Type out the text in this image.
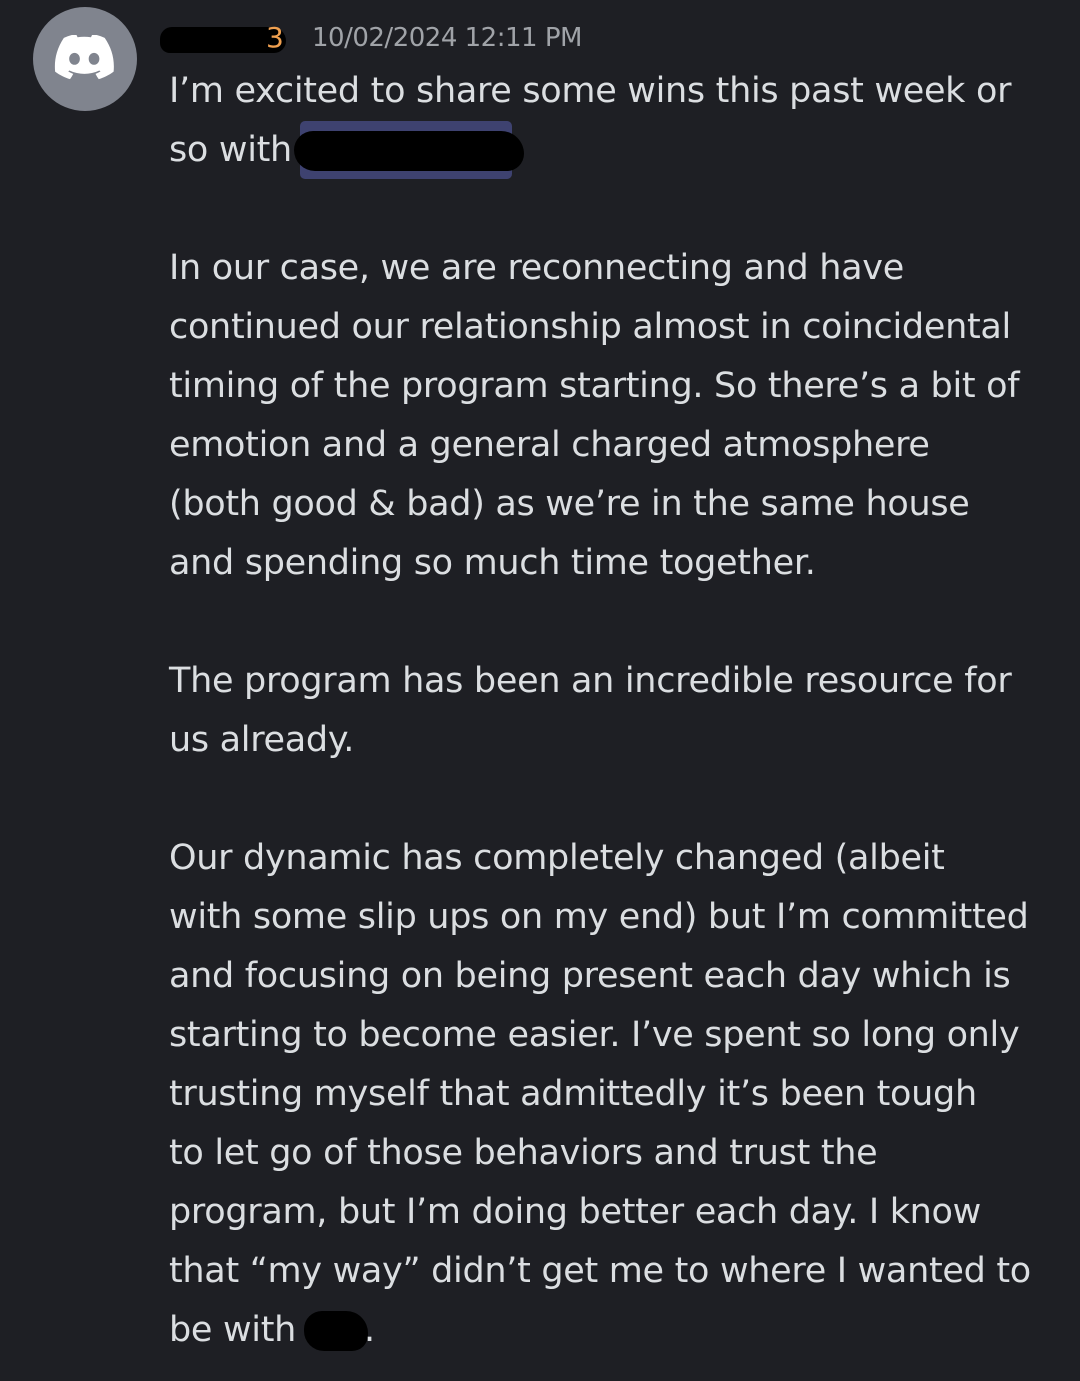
3 10/02/2024 12:11 PM

I’m excited to share some wins this past week or

so with

In our case, we are reconnecting and have

continued our relationship almost in coincidental

timing of the program starting. So there’s a bit of

emotion and a general charged atmosphere

(both good & bad) as we’re in the same house

and spending so much time together.

The program has been an incredible resource for

us already.

Our dynamic has completely changed (albeit

with some slip ups on my end) but I’m committed

and focusing on being present each day which is

starting to become easier. I’ve spent so long only

trusting myself that admittedly it’s been tough

to let go of those behaviors and trust the

program, but I’m doing better each day. I know

that “my way” didn’t get me to where I wanted to

be with .
